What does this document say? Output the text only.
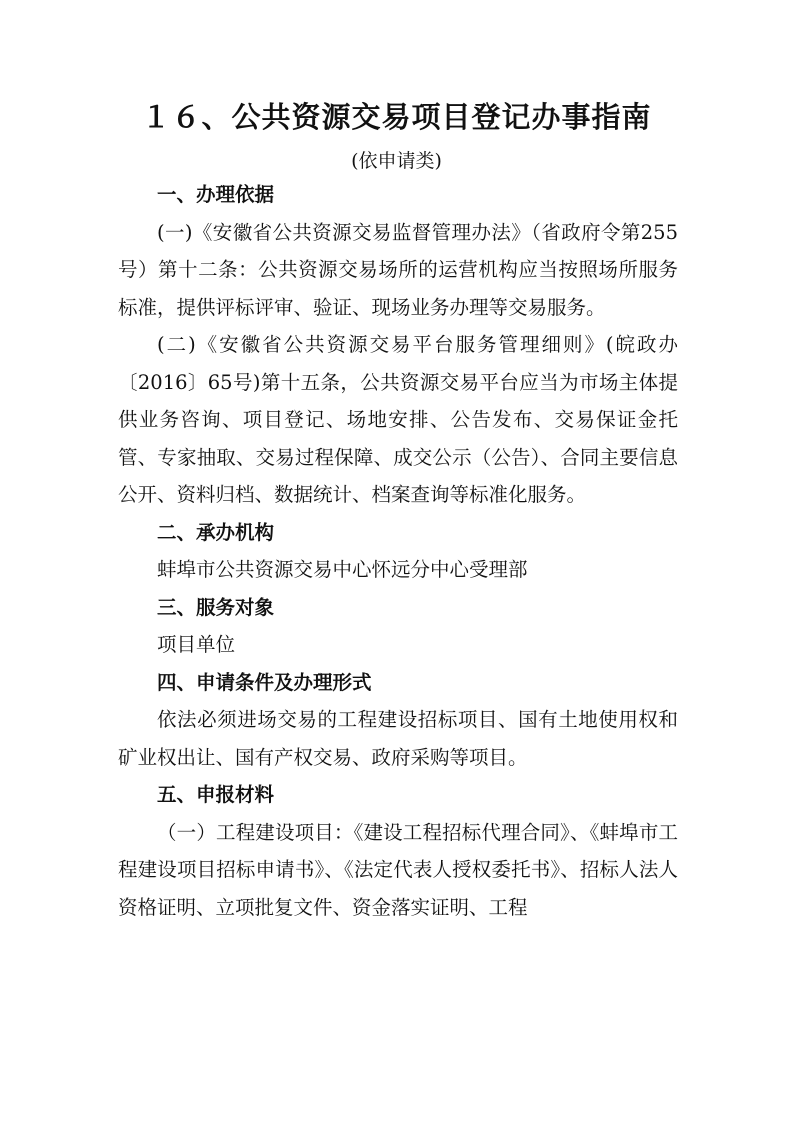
１６、公共资源交易项目登记办事指南
(依申请类)
一、办理依据

(一)《安徽省公共资源交易监督管理办法》（省政府令第255号）第十二条：公共资源交易场所的运营机构应当按照场所服务标准，提供评标评审、验证、现场业务办理等交易服务。

(二)《安徽省公共资源交易平台服务管理细则》(皖政办〔2016〕65号)第十五条，公共资源交易平台应当为市场主体提供业务咨询、项目登记、场地安排、公告发布、交易保证金托管、专家抽取、交易过程保障、成交公示（公告）、合同主要信息公开、资料归档、数据统计、档案查询等标准化服务。

二、承办机构

蚌埠市公共资源交易中心怀远分中心受理部

三、服务对象

项目单位

四、申请条件及办理形式

依法必须进场交易的工程建设招标项目、国有土地使用权和矿业权出让、国有产权交易、政府采购等项目。

五、申报材料

（一）工程建设项目：《建设工程招标代理合同》、《蚌埠市工程建设项目招标申请书》、《法定代表人授权委托书》、招标人法人资格证明、立项批复文件、资金落实证明、工程
